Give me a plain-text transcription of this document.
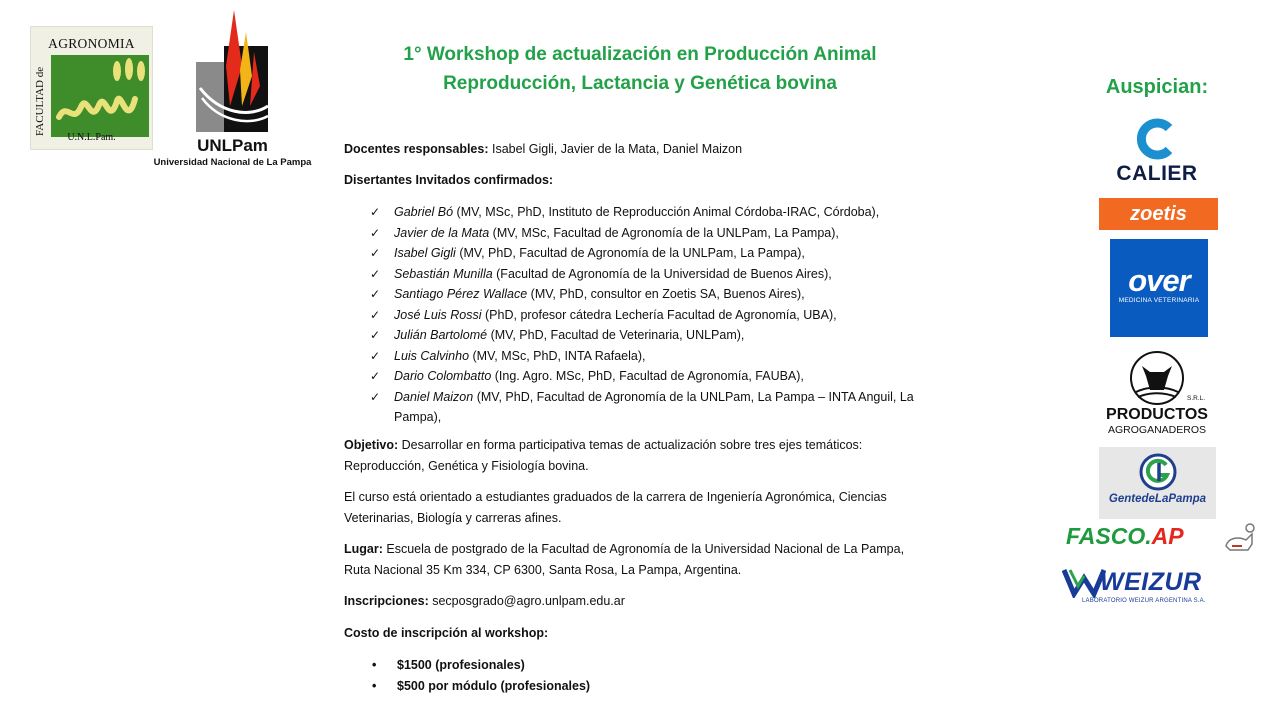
AGRONOMIA
FACULTAD de
U.N.L.Pam.	UNLPam
Universidad Nacional de La Pampa
1° Workshop de actualización en Producción Animal
Reproducción, Lactancia y Genética bovina
Docentes responsables: Isabel Gigli, Javier de la Mata, Daniel Maizon
Disertantes Invitados confirmados:
✓ Gabriel Bó (MV, MSc, PhD, Instituto de Reproducción Animal Córdoba-IRAC, Córdoba),
✓ Javier de la Mata (MV, MSc, Facultad de Agronomía de la UNLPam, La Pampa),
✓ Isabel Gigli (MV, PhD, Facultad de Agronomía de la UNLPam, La Pampa),
✓ Sebastián Munilla (Facultad de Agronomía de la Universidad de Buenos Aires),
✓ Santiago Pérez Wallace (MV, PhD, consultor en Zoetis SA, Buenos Aires),
✓ José Luis Rossi (PhD, profesor cátedra Lechería Facultad de Agronomía, UBA),
✓ Julián Bartolomé (MV, PhD, Facultad de Veterinaria, UNLPam),
✓ Luis Calvinho (MV, MSc, PhD, INTA Rafaela),
✓ Dario Colombatto (Ing. Agro. MSc, PhD, Facultad de Agronomía, FAUBA),
✓ Daniel Maizon (MV, PhD, Facultad de Agronomía de la UNLPam, La Pampa – INTA Anguil, La Pampa),
Objetivo: Desarrollar en forma participativa temas de actualización sobre tres ejes temáticos: Reproducción, Genética y Fisiología bovina.
El curso está orientado a estudiantes graduados de la carrera de Ingeniería Agronómica, Ciencias Veterinarias, Biología y carreras afines.
Lugar: Escuela de postgrado de la Facultad de Agronomía de la Universidad Nacional de La Pampa, Ruta Nacional 35 Km 334, CP 6300, Santa Rosa, La Pampa, Argentina.
Inscripciones: secposgrado@agro.unlpam.edu.ar
Costo de inscripción al workshop:
• $1500 (profesionales)
• $500 por módulo (profesionales)
Auspician:
CALIER
zoetis
over
MEDICINA VETERINARIA
S.R.L.
PRODUCTOS
AGROGANADEROS
GentedeLaPampa
FASCO.AP
WEIZUR
LABORATORIO WEIZUR ARGENTINA S.A.
